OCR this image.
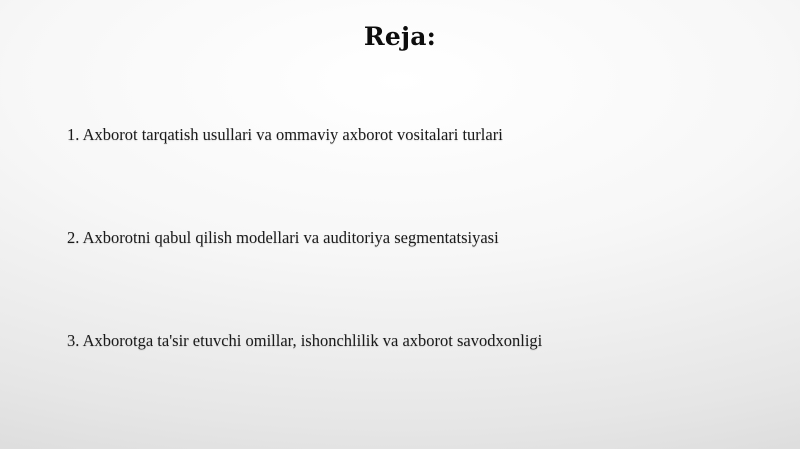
Reja:
1. Axborot tarqatish usullari va ommaviy axborot vositalari turlari
2. Axborotni qabul qilish modellari va auditoriya segmentatsiyasi
3. Axborotga ta'sir etuvchi omillar, ishonchlilik va axborot savodxonligi
